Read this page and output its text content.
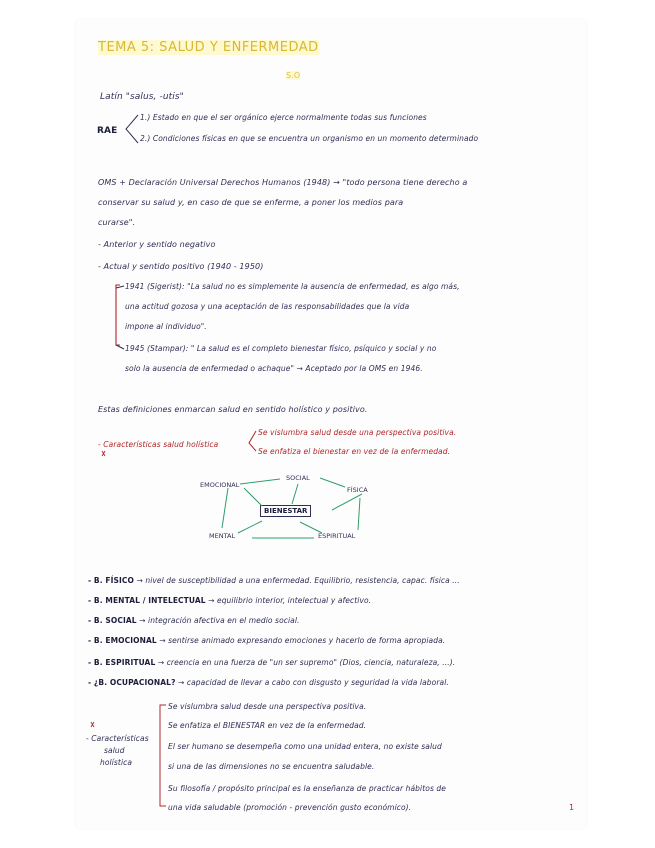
TEMA 5: SALUD Y ENFERMEDAD
S.O
Latín "salus, -utis"
RAE
1.) Estado en que el ser orgánico ejerce normalmente todas sus funciones
2.) Condiciones físicas en que se encuentra un organismo en un momento determinado
OMS + Declaración Universal Derechos Humanos (1948) → "todo persona tiene derecho a
conservar su salud y, en caso de que se enferme, a poner los medios para
curarse".
- Anterior y sentido negativo
- Actual y sentido positivo (1940 - 1950)
1941 (Sigerist): "La salud no es simplemente la ausencia de enfermedad, es algo más,
una actitud gozosa y una aceptación de las responsabilidades que la vida
impone al individuo".
1945 (Stampar): " La salud es el completo bienestar físico, psíquico y social y no
solo la ausencia de enfermedad o achaque" → Aceptado por la OMS en 1946.
Estas definiciones enmarcan salud en sentido holístico y positivo.
- Características salud holística
Se vislumbra salud desde una perspectiva positiva.
Se enfatiza el bienestar en vez de la enfermedad.
EMOCIONAL
SOCIAL
FÍSICA
BIENESTAR
MENTAL	ESPIRITUAL
- B. FÍSICO → nivel de susceptibilidad a una enfermedad. Equilibrio, resistencia, capac. física ...
- B. MENTAL / INTELECTUAL → equilibrio interior, intelectual y afectivo.
- B. SOCIAL → integración afectiva en el medio social.
- B. EMOCIONAL → sentirse animado expresando emociones y hacerlo de forma apropiada.
- B. ESPIRITUAL → creencia en una fuerza de "un ser supremo" (Dios, ciencia, naturaleza, ...).
- ¿B. OCUPACIONAL? → capacidad de llevar a cabo con disgusto y seguridad la vida laboral.
- Características
salud
holística
Se vislumbra salud desde una perspectiva positiva.
Se enfatiza el BIENESTAR en vez de la enfermedad.
El ser humano se desempeña como una unidad entera, no existe salud
si una de las dimensiones no se encuentra saludable.
Su filosofía / propósito principal es la enseñanza de practicar hábitos de
una vida saludable (promoción - prevención gusto económico).	1
